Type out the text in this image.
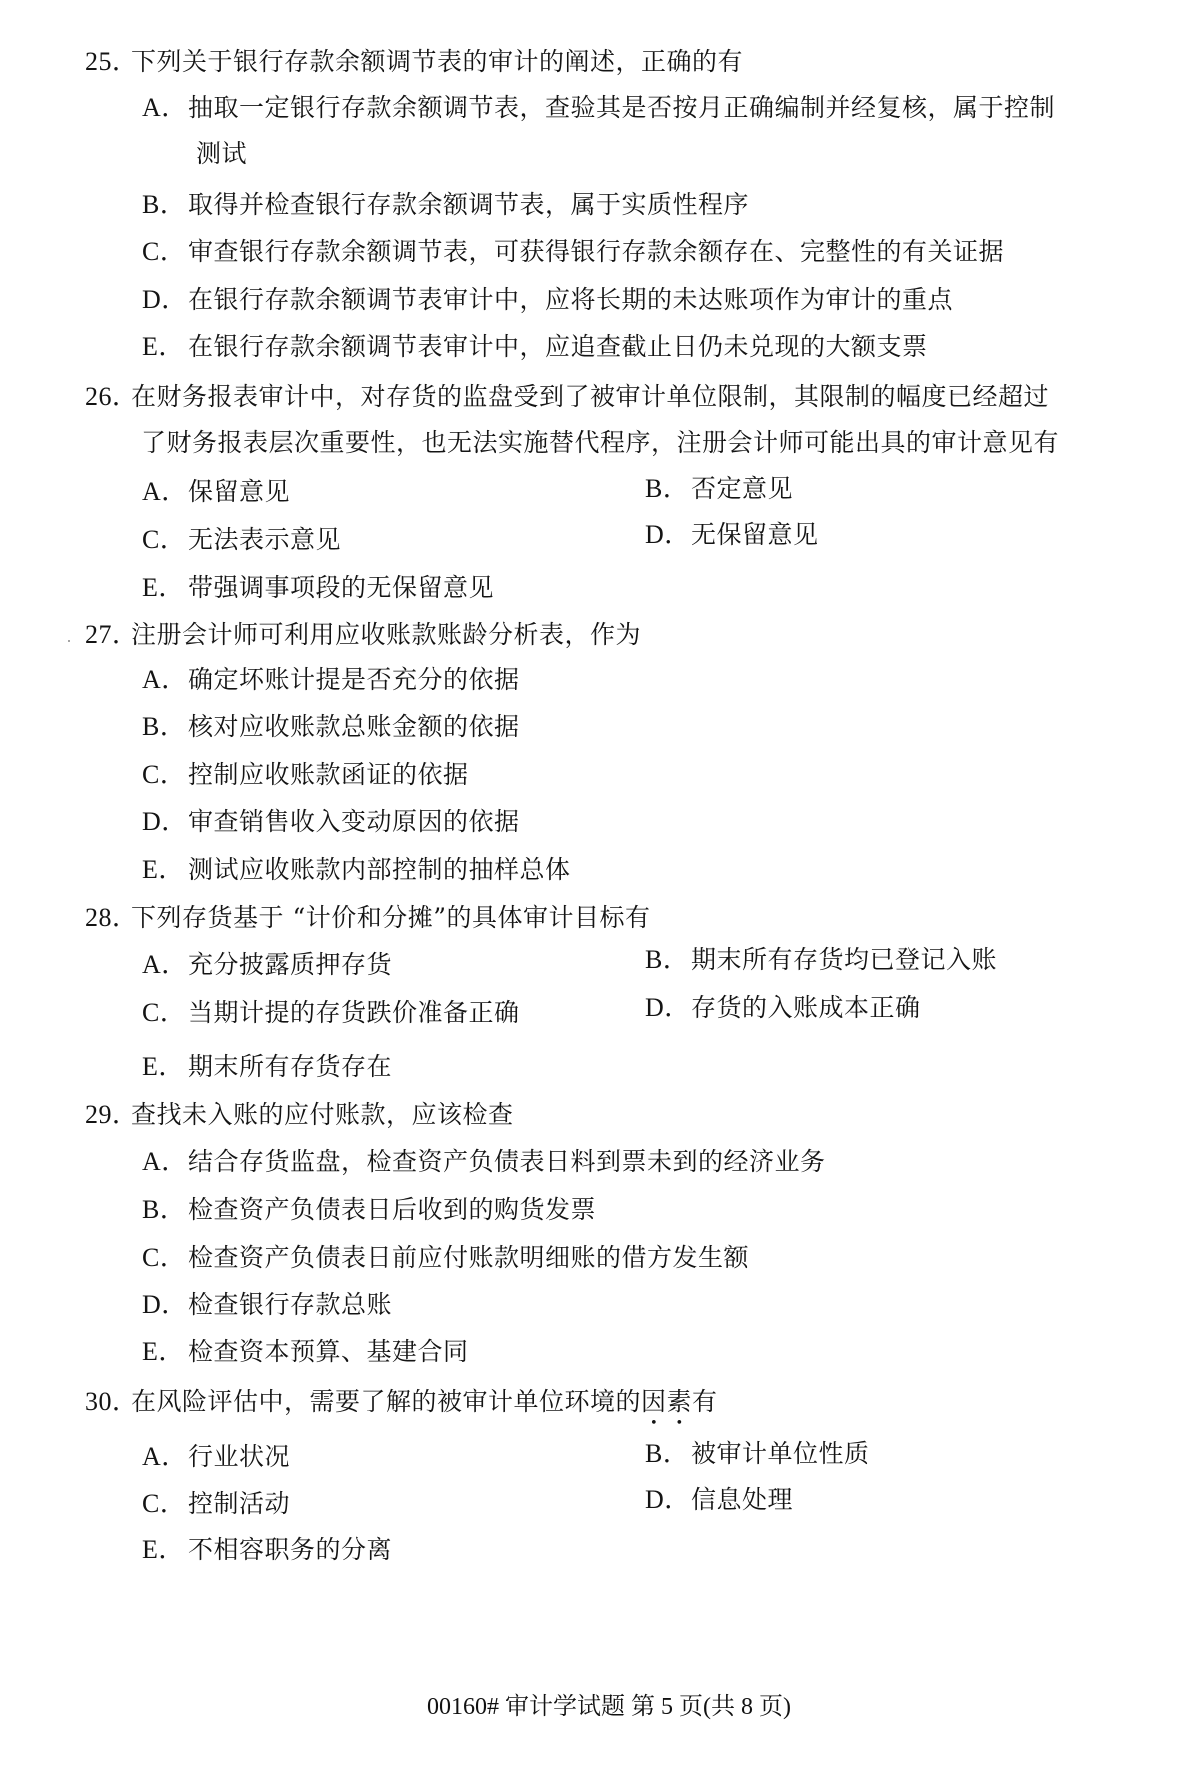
25．下列关于银行存款余额调节表的审计的阐述，正确的有
A．抽取一定银行存款余额调节表，查验其是否按月正确编制并经复核，属于控制
测试
B．取得并检查银行存款余额调节表，属于实质性程序
C．审查银行存款余额调节表，可获得银行存款余额存在、完整性的有关证据
D．在银行存款余额调节表审计中，应将长期的未达账项作为审计的重点
E． 在银行存款余额调节表审计中，应追查截止日仍未兑现的大额支票
26．在财务报表审计中，对存货的监盘受到了被审计单位限制，其限制的幅度已经超过
了财务报表层次重要性，也无法实施替代程序，注册会计师可能出具的审计意见有
A．保留意见	B．否定意见
C．无法表示意见	D．无保留意见
E． 带强调事项段的无保留意见
27．注册会计师可利用应收账款账龄分析表，作为
A．确定坏账计提是否充分的依据
B．核对应收账款总账金额的依据
C．控制应收账款函证的依据
D．审查销售收入变动原因的依据
E． 测试应收账款内部控制的抽样总体
28．下列存货基于 “计价和分摊”的具体审计目标有
A．充分披露质押存货	B．期末所有存货均已登记入账
C．当期计提的存货跌价准备正确	D．存货的入账成本正确
E． 期末所有存货存在
29．查找未入账的应付账款，应该检查
A．结合存货监盘，检查资产负债表日料到票未到的经济业务
B．检查资产负债表日后收到的购货发票
C．检查资产负债表日前应付账款明细账的借方发生额
D．检查银行存款总账
E． 检查资本预算、基建合同
30．在风险评估中，需要了解的被审计单位环境的因素有
A．行业状况	B．被审计单位性质
C．控制活动	D．信息处理
E． 不相容职务的分离
00160# 审计学试题 第 5 页(共 8 页)
